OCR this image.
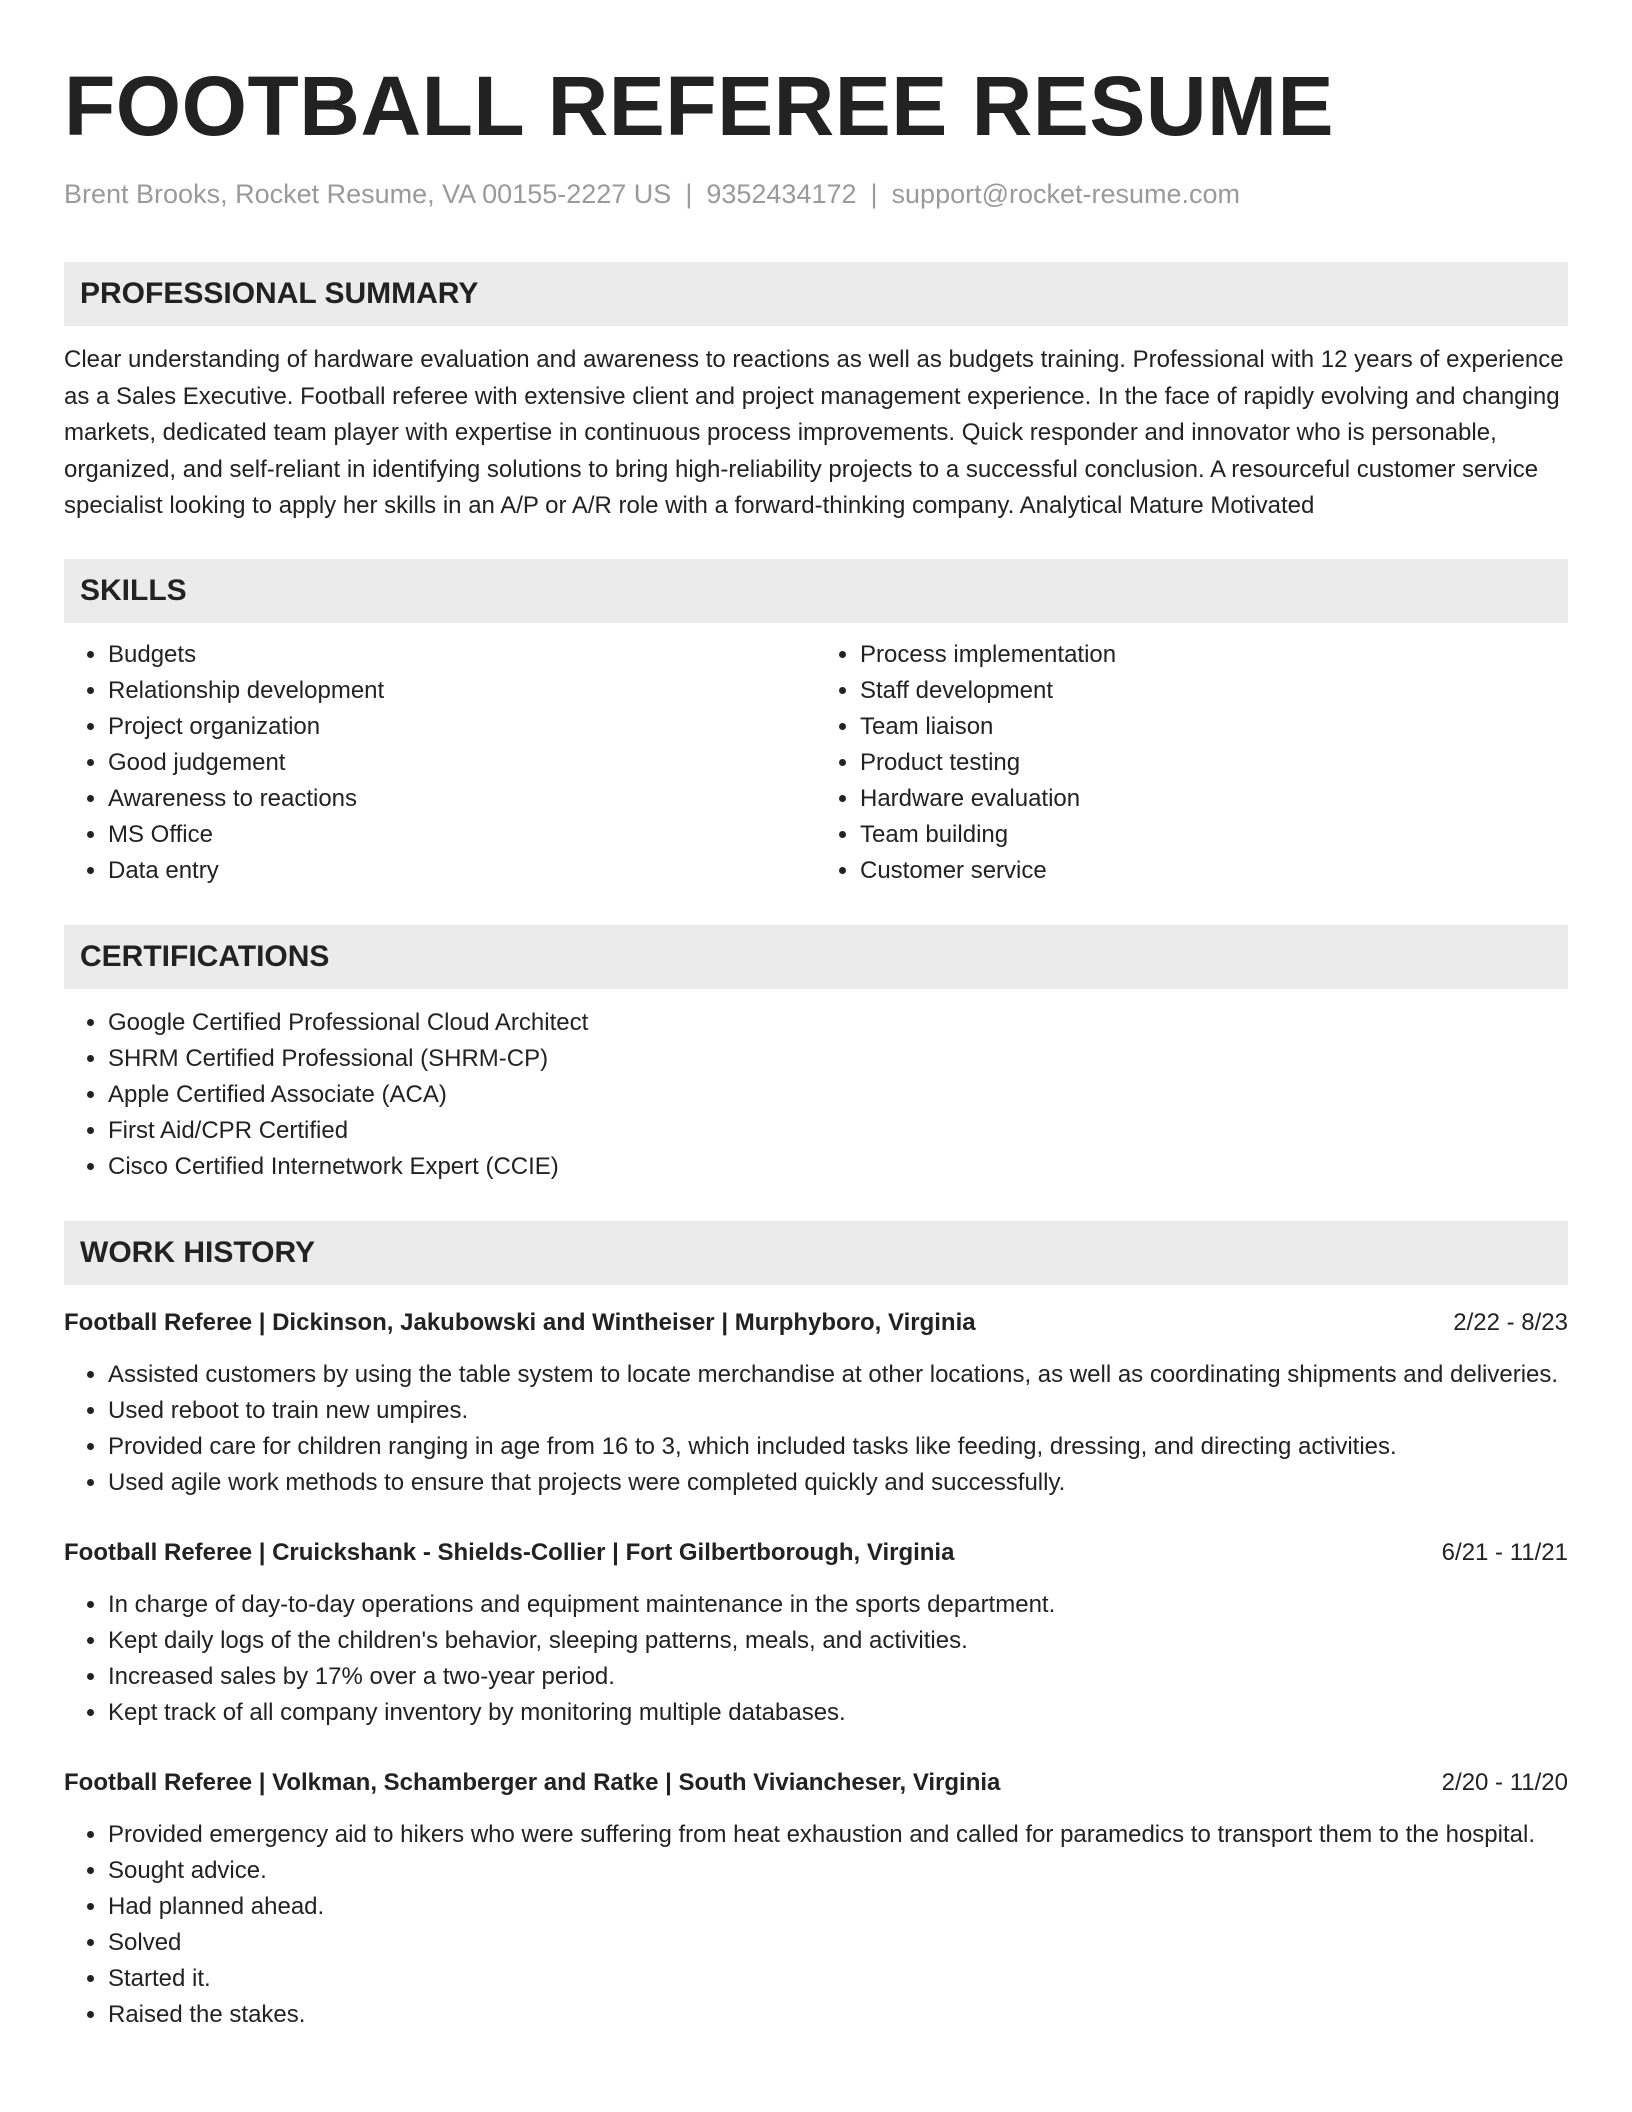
FOOTBALL REFEREE RESUME
Brent Brooks, Rocket Resume, VA 00155-2227 US | 9352434172 | support@rocket-resume.com
PROFESSIONAL SUMMARY

Clear understanding of hardware evaluation and awareness to reactions as well as budgets training. Professional with 12 years of experience as a Sales Executive. Football referee with extensive client and project management experience. In the face of rapidly evolving and changing markets, dedicated team player with expertise in continuous process improvements. Quick responder and innovator who is personable, organized, and self-reliant in identifying solutions to bring high-reliability projects to a successful conclusion. A resourceful customer service specialist looking to apply her skills in an A/P or A/R role with a forward-thinking company. Analytical Mature Motivated

SKILLS
• Budgets
• Relationship development
• Project organization
• Good judgement
• Awareness to reactions
• MS Office
• Data entry
• Process implementation
• Staff development
• Team liaison
• Product testing
• Hardware evaluation
• Team building
• Customer service
CERTIFICATIONS
• Google Certified Professional Cloud Architect
• SHRM Certified Professional (SHRM-CP)
• Apple Certified Associate (ACA)
• First Aid/CPR Certified
• Cisco Certified Internetwork Expert (CCIE)
WORK HISTORY
Football Referee | Dickinson, Jakubowski and Wintheiser | Murphyboro, Virginia	2/22 - 8/23
• Assisted customers by using the table system to locate merchandise at other locations, as well as coordinating shipments and deliveries.
• Used reboot to train new umpires.
• Provided care for children ranging in age from 16 to 3, which included tasks like feeding, dressing, and directing activities.
• Used agile work methods to ensure that projects were completed quickly and successfully.
Football Referee | Cruickshank - Shields-Collier | Fort Gilbertborough, Virginia	6/21 - 11/21
• In charge of day-to-day operations and equipment maintenance in the sports department.
• Kept daily logs of the children's behavior, sleeping patterns, meals, and activities.
• Increased sales by 17% over a two-year period.
• Kept track of all company inventory by monitoring multiple databases.
Football Referee | Volkman, Schamberger and Ratke | South Viviancheser, Virginia	2/20 - 11/20
• Provided emergency aid to hikers who were suffering from heat exhaustion and called for paramedics to transport them to the hospital.
• Sought advice.
• Had planned ahead.
• Solved
• Started it.
• Raised the stakes.
